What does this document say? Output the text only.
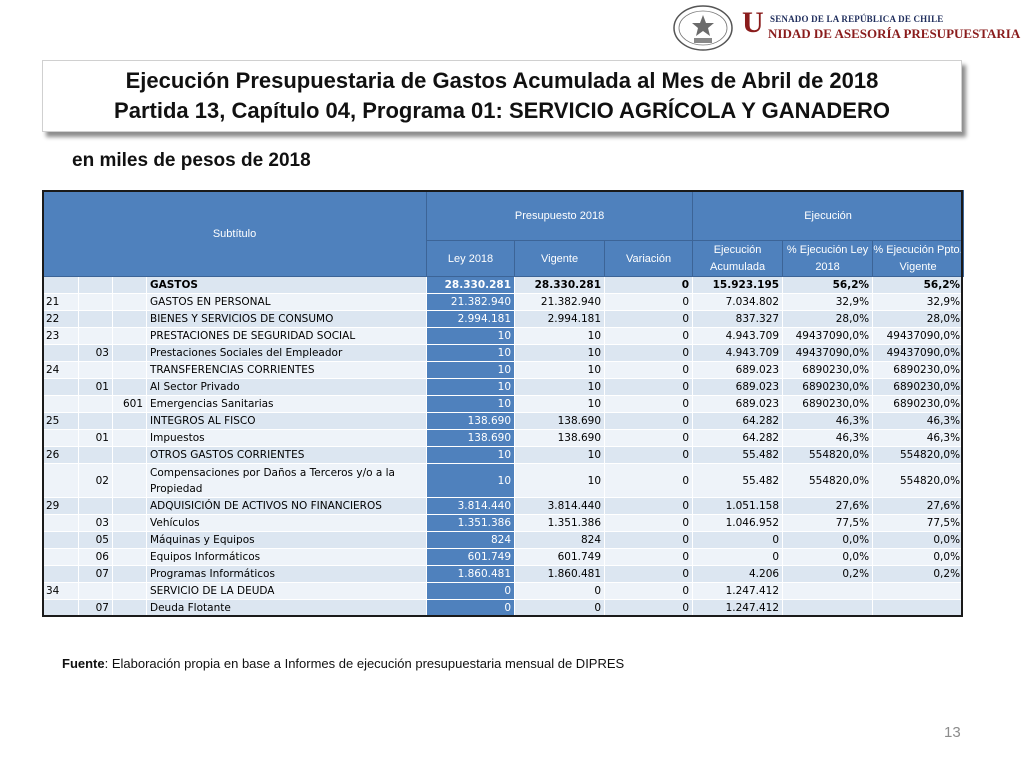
U SENADO DE LA REPÚBLICA DE CHILE
NIDAD DE ASESORÍA PRESUPUESTARIA
Ejecución Presupuestaria de Gastos Acumulada al Mes de Abril de 2018
Partida 13, Capítulo 04, Programa 01: SERVICIO AGRÍCOLA Y GANADERO
en miles de pesos de 2018
Subtítulo				Presupuesto 2018			Ejecución		
				Ley 2018	Vigente	Variación	Ejecución Acumulada	% Ejecución Ley 2018	% Ejecución Ppto. Vigente
			GASTOS	28.330.281	28.330.281	0	15.923.195	56,2%	56,2%
21			GASTOS EN PERSONAL	21.382.940	21.382.940	0	7.034.802	32,9%	32,9%
22			BIENES Y SERVICIOS DE CONSUMO	2.994.181	2.994.181	0	837.327	28,0%	28,0%
23			PRESTACIONES DE SEGURIDAD SOCIAL	10	10	0	4.943.709	49437090,0%	49437090,0%
	03		Prestaciones Sociales del Empleador	10	10	0	4.943.709	49437090,0%	49437090,0%
24			TRANSFERENCIAS CORRIENTES	10	10	0	689.023	6890230,0%	6890230,0%
	01		Al Sector Privado	10	10	0	689.023	6890230,0%	6890230,0%
		601	Emergencias Sanitarias	10	10	0	689.023	6890230,0%	6890230,0%
25			INTEGROS AL FISCO	138.690	138.690	0	64.282	46,3%	46,3%
	01		Impuestos	138.690	138.690	0	64.282	46,3%	46,3%
26			OTROS GASTOS CORRIENTES	10	10	0	55.482	554820,0%	554820,0%
	02		Compensaciones por Daños a Terceros y/o a la Propiedad	10	10	0	55.482	554820,0%	554820,0%
29			ADQUISICIÓN DE ACTIVOS NO FINANCIEROS	3.814.440	3.814.440	0	1.051.158	27,6%	27,6%
	03		Vehículos	1.351.386	1.351.386	0	1.046.952	77,5%	77,5%
	05		Máquinas y Equipos	824	824	0	0	0,0%	0,0%
	06		Equipos Informáticos	601.749	601.749	0	0	0,0%	0,0%
	07		Programas Informáticos	1.860.481	1.860.481	0	4.206	0,2%	0,2%
34			SERVICIO DE LA DEUDA	0	0	0	1.247.412		
	07		Deuda Flotante	0	0	0	1.247.412		
Fuente: Elaboración propia en base a Informes de ejecución presupuestaria mensual de DIPRES
13
